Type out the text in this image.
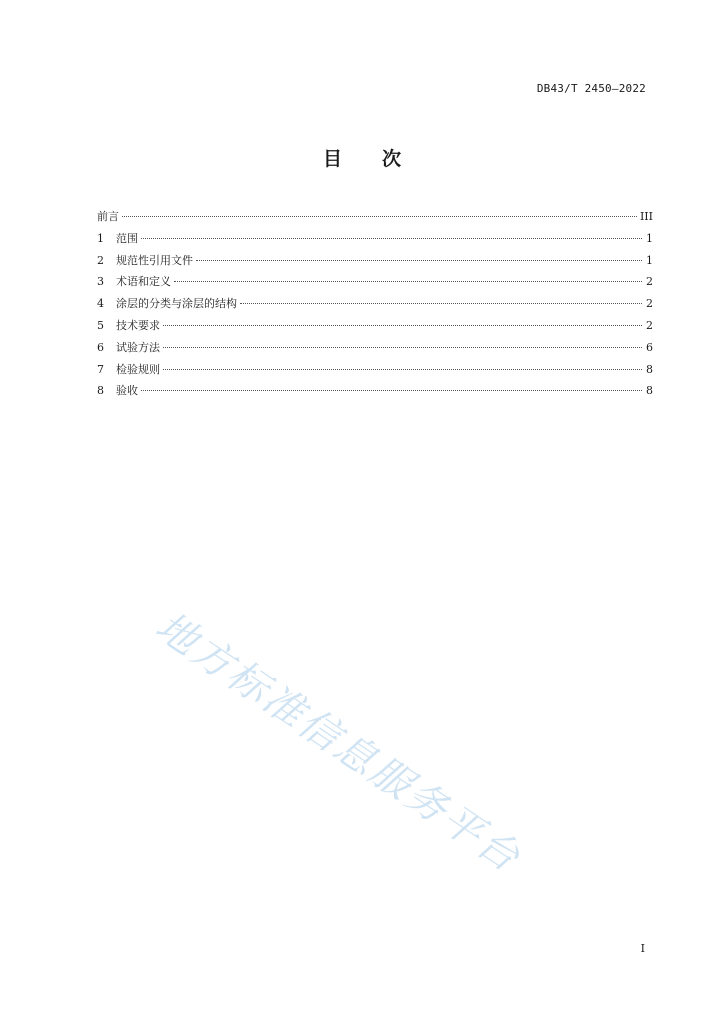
DB43/T 2450—2022
目 次
前言	III
1	范围	1
2	规范性引用文件	1
3	术语和定义	2
4	涂层的分类与涂层的结构	2
5	技术要求	2
6	试验方法	6
7	检验规则	8
8	验收	8
地方标准信息服务平台
I
